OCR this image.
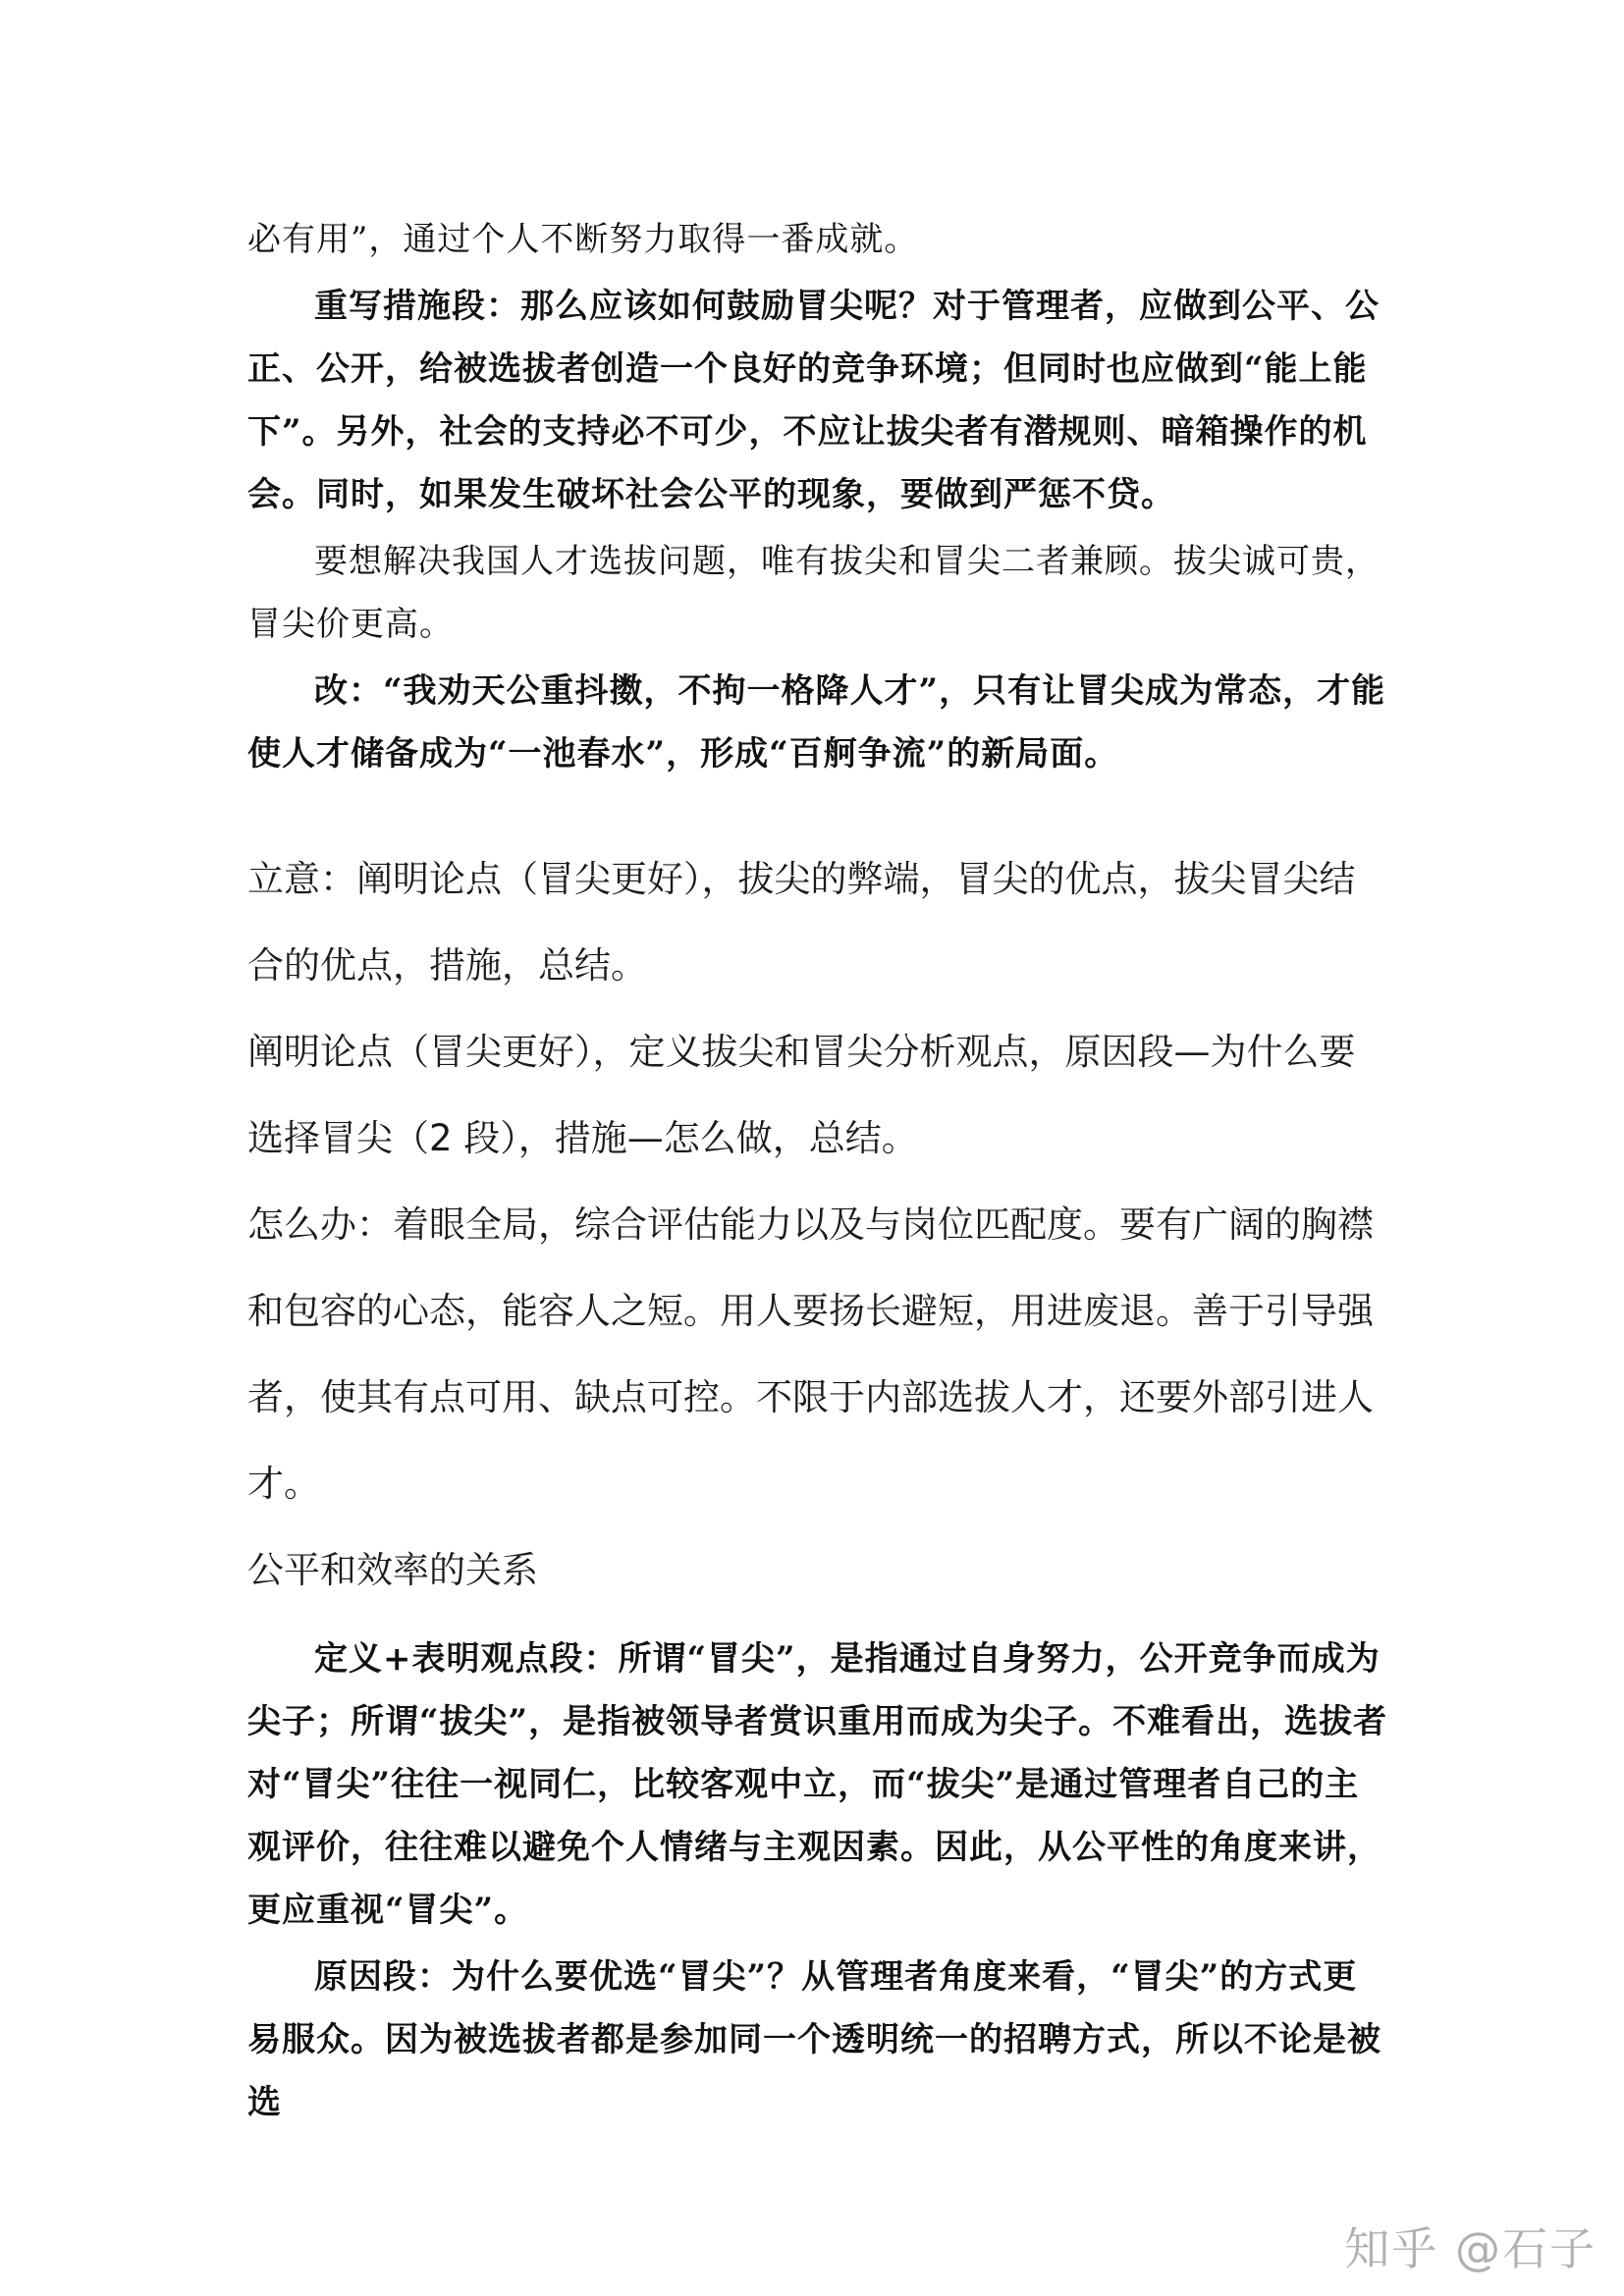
必有用”，通过个人不断努力取得一番成就。

重写措施段：那么应该如何鼓励冒尖呢？对于管理者，应做到公平、公正、公开，给被选拔者创造一个良好的竞争环境；但同时也应做到“能上能下”。另外，社会的支持必不可少，不应让拔尖者有潜规则、暗箱操作的机会。同时，如果发生破坏社会公平的现象，要做到严惩不贷。

要想解决我国人才选拔问题，唯有拔尖和冒尖二者兼顾。拔尖诚可贵，冒尖价更高。

改：“我劝天公重抖擞，不拘一格降人才”，只有让冒尖成为常态，才能使人才储备成为“一池春水”，形成“百舸争流”的新局面。

立意：阐明论点（冒尖更好），拔尖的弊端，冒尖的优点，拔尖冒尖结合的优点，措施，总结。

阐明论点（冒尖更好），定义拔尖和冒尖分析观点，原因段—为什么要选择冒尖（2 段），措施—怎么做，总结。

怎么办：着眼全局，综合评估能力以及与岗位匹配度。要有广阔的胸襟和包容的心态，能容人之短。用人要扬长避短，用进废退。善于引导强者，使其有点可用、缺点可控。不限于内部选拔人才，还要外部引进人才。

公平和效率的关系

定义+表明观点段：所谓“冒尖”，是指通过自身努力，公开竞争而成为尖子；所谓“拔尖”，是指被领导者赏识重用而成为尖子。不难看出，选拔者对“冒尖”往往一视同仁，比较客观中立，而“拔尖”是通过管理者自己的主观评价，往往难以避免个人情绪与主观因素。因此，从公平性的角度来讲，更应重视“冒尖”。

原因段：为什么要优选“冒尖”？从管理者角度来看，“冒尖”的方式更易服众。因为被选拔者都是参加同一个透明统一的招聘方式，所以不论是被选

知乎 @石子
